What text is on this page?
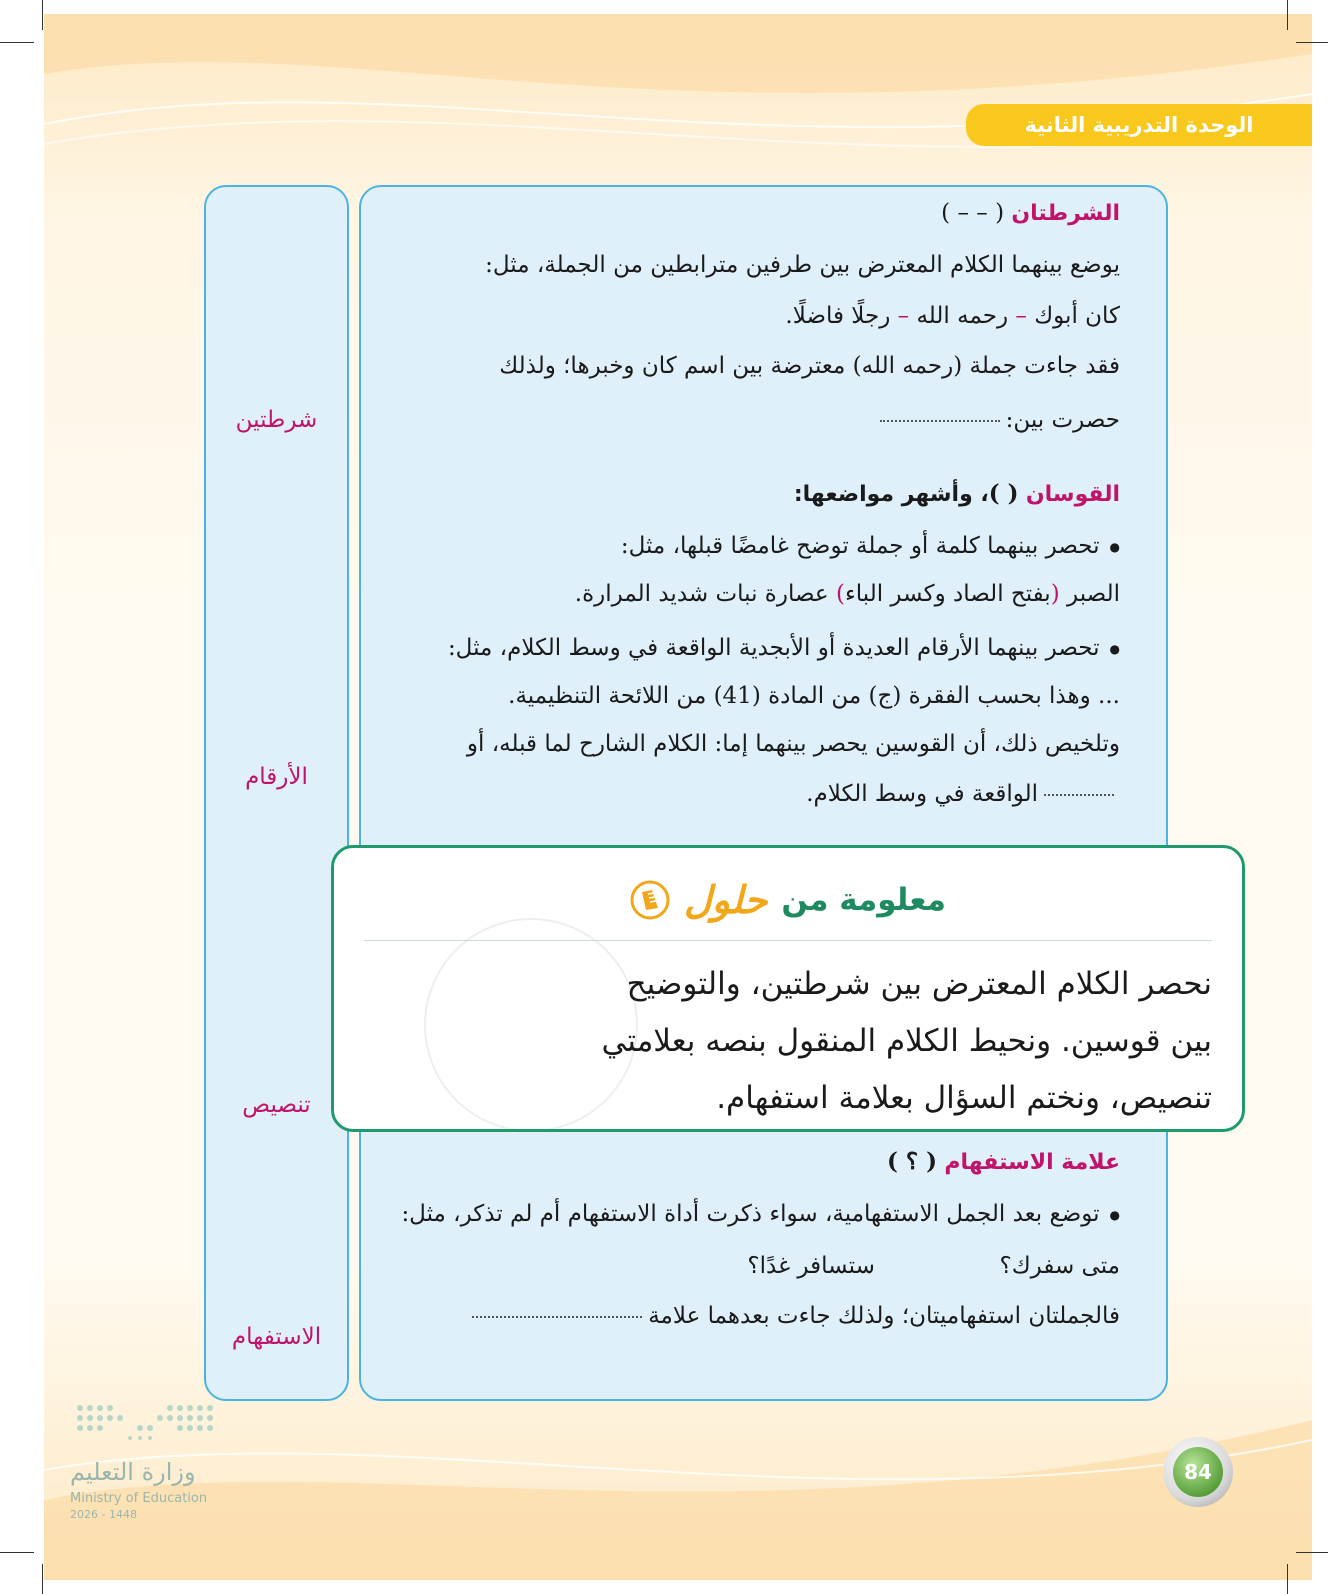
الوحدة التدريبية الثانية
شرطتين
الأرقام
تنصيص
الاستفهام
الشرطتان ( – – )
يوضع بينهما الكلام المعترض بين طرفين مترابطين من الجملة، مثل:
كان أبوك – رحمه الله – رجلًا فاضلًا.
فقد جاءت جملة (رحمه الله) معترضة بين اسم كان وخبرها؛ ولذلك
حصرت بين:
القوسان ( )، وأشهر مواضعها:
● تحصر بينهما كلمة أو جملة توضح غامضًا قبلها، مثل:
الصبر (بفتح الصاد وكسر الباء) عصارة نبات شديد المرارة.
● تحصر بينهما الأرقام العديدة أو الأبجدية الواقعة في وسط الكلام، مثل:
... وهذا بحسب الفقرة (ج) من المادة (41) من اللائحة التنظيمية.
وتلخيص ذلك، أن القوسين يحصر بينهما إما: الكلام الشارح لما قبله، أو
الواقعة في وسط الكلام.
معلومة من
حلول
نحصر الكلام المعترض بين شرطتين، والتوضيح
بين قوسين. ونحيط الكلام المنقول بنصه بعلامتي
تنصيص، ونختم السؤال بعلامة استفهام.
علامة الاستفهام ( ؟ )
● توضع بعد الجمل الاستفهامية، سواء ذكرت أداة الاستفهام أم لم تذكر، مثل:
متى سفرك؟  ستسافر غدًا؟
فالجملتان استفهاميتان؛ ولذلك جاءت بعدهما علامة
وزارة التعليم
Ministry of Education
2026 - 1448
84
